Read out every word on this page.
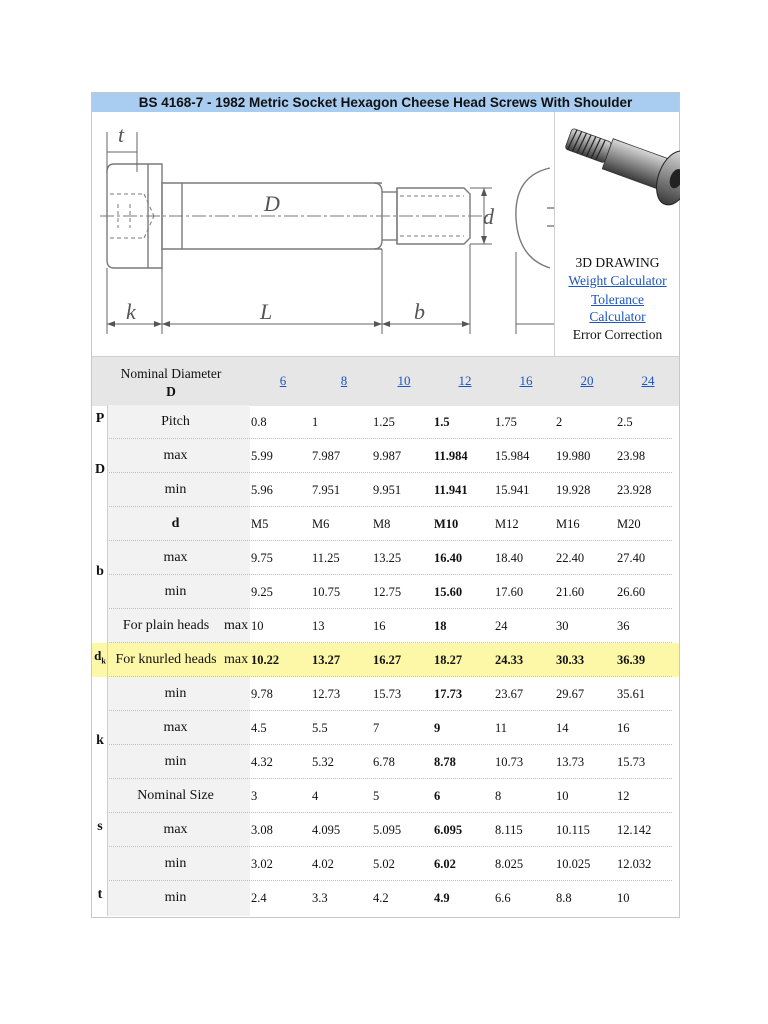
BS 4168-7 - 1982 Metric Socket Hexagon Cheese Head Screws With Shoulder
t
D
d
k	L	b
3D DRAWING
Weight Calculator
Tolerance
Calculator
Error Correction
Nominal Diameter
D
6	8	10	12	16	20	24
Pitch	0.8	1	1.25	1.5	1.75	2	2.5
max	5.99	7.987	9.987	11.984 15.984 19.980 23.98
min	5.96	7.951	9.951	11.941 15.941 19.928 23.928
d	M5	M6	M8	M10	M12	M16	M20
max	9.75	11.25	13.25	16.40	18.40	22.40	27.40
min	9.25	10.75	12.75	15.60	17.60	21.60	26.60
For plain heads	max 10	13	16	18	24	30	36
For knurled heads max 10.22	13.27	16.27	18.27	24.33	30.33	36.39
min	9.78	12.73	15.73	17.73	23.67	29.67	35.61
max	4.5	5.5	7	9	11	14	16
min	4.32	5.32	6.78	8.78	10.73	13.73	15.73
Nominal Size	3	4	5	6	8	10	12
max	3.08	4.095	5.095	6.095	8.115	10.115 12.142
min	3.02	4.02	5.02	6.02	8.025	10.025 12.032
min	2.4	3.3	4.2	4.9	6.6	8.8	10
P
D
b
$d_k$
k
s
t
